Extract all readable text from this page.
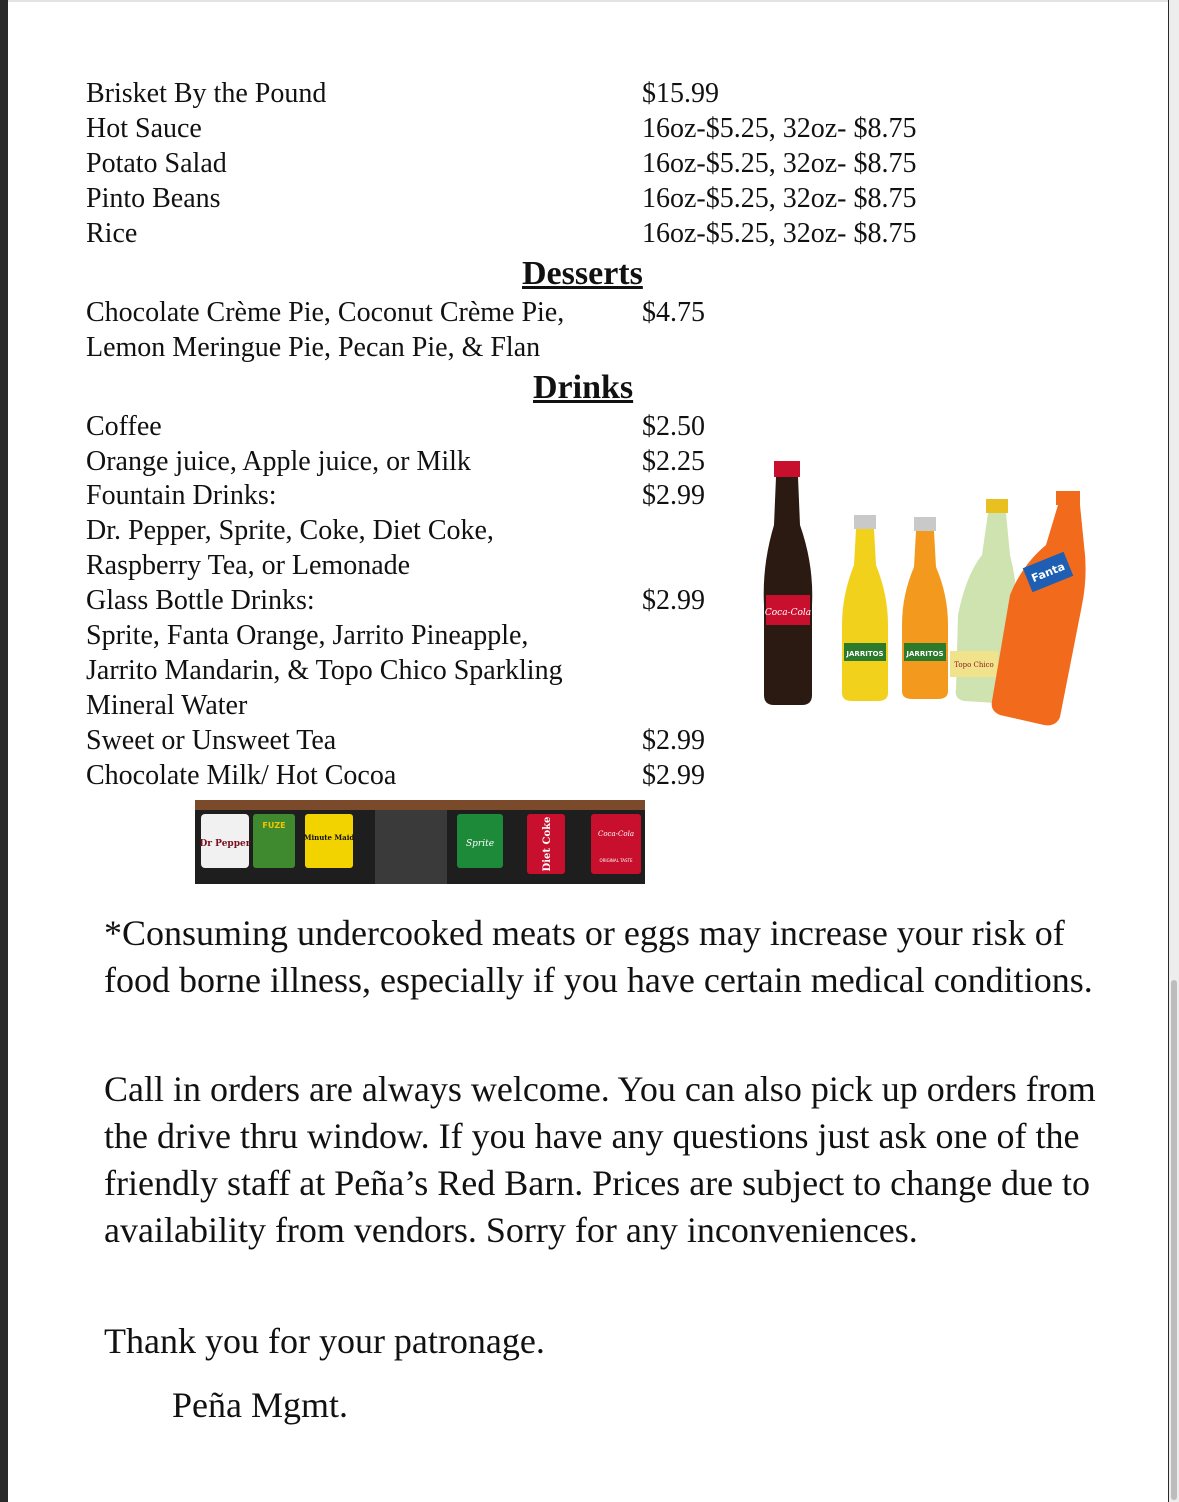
Brisket By the Pound	$15.99
Hot Sauce	16oz-$5.25, 32oz- $8.75
Potato Salad	16oz-$5.25, 32oz- $8.75
Pinto Beans	16oz-$5.25, 32oz- $8.75
Rice	16oz-$5.25, 32oz- $8.75
Desserts
Chocolate Crème Pie, Coconut Crème Pie,	$4.75
Lemon Meringue Pie, Pecan Pie, & Flan
Drinks
Coffee	$2.50
Orange juice, Apple juice, or Milk	$2.25
Fountain Drinks:	$2.99
Dr. Pepper, Sprite, Coke, Diet Coke,
Raspberry Tea, or Lemonade
Glass Bottle Drinks:	$2.99
Sprite, Fanta Orange, Jarrito Pineapple,
Jarrito Mandarin, & Topo Chico Sparkling
Mineral Water
Sweet or Unsweet Tea	$2.99
Chocolate Milk/ Hot Cocoa	$2.99
Coca-Cola
JARRITOS	JARRITOS
Topo Chico
Fanta
Dr Pepper
FUZE
Minute Maid
Sprite	Diet Coke	Coca-Cola
ORIGINAL TASTE

*Consuming undercooked meats or eggs may increase your risk of food borne illness, especially if you have certain medical conditions.

Call in orders are always welcome. You can also pick up orders from the drive thru window. If you have any questions just ask one of the friendly staff at Peña’s Red Barn. Prices are subject to change due to availability from vendors. Sorry for any inconveniences.

Thank you for your patronage.

Peña Mgmt.
